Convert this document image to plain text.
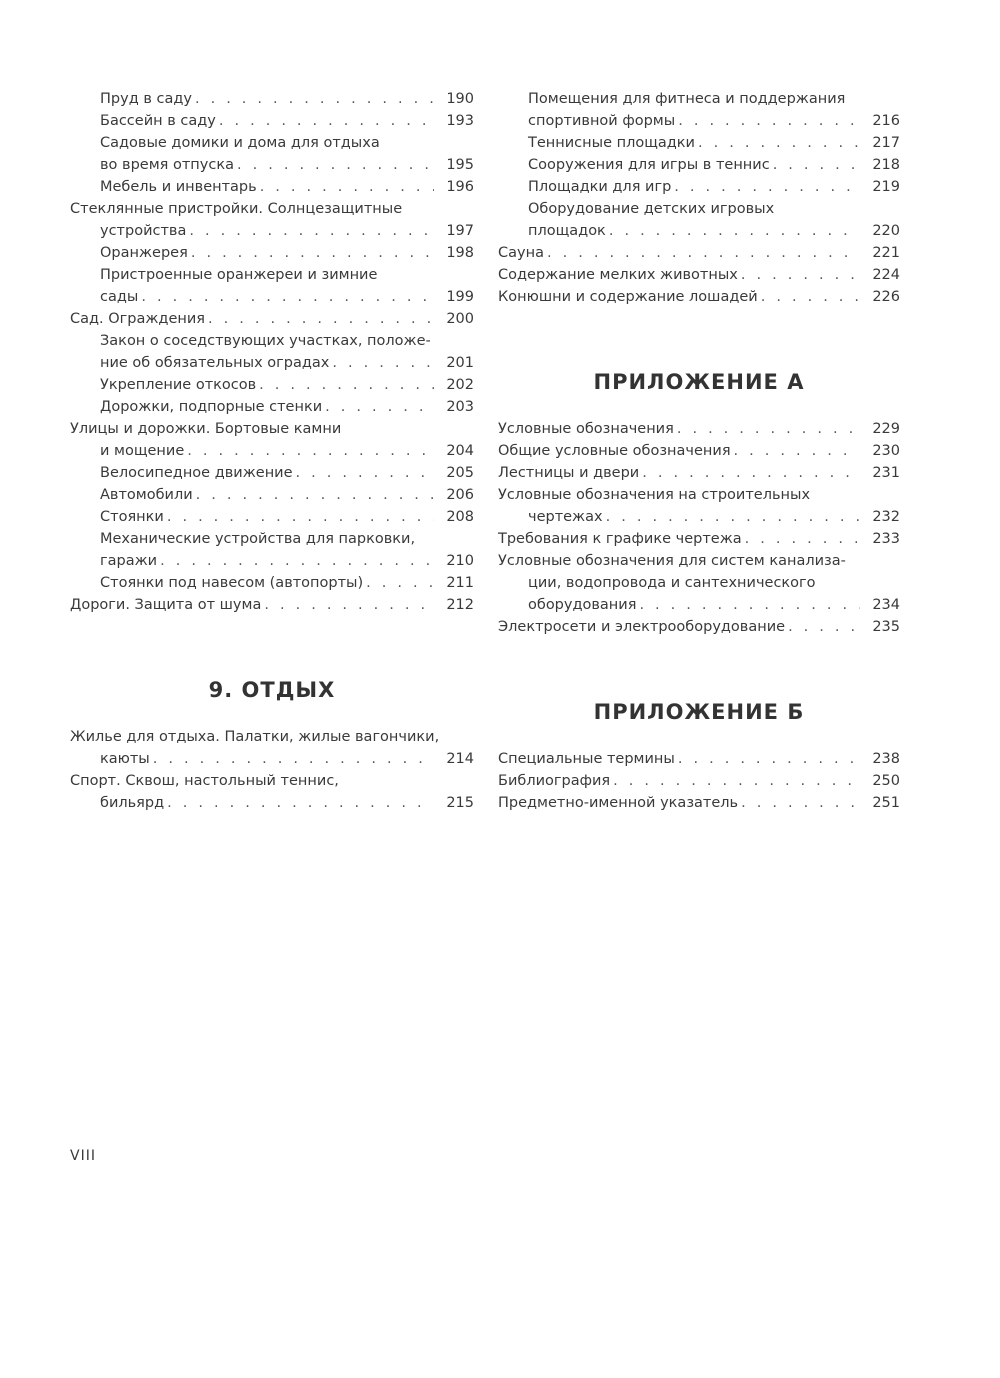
Пруд в саду . . .	190
Бассейн в саду . . .	193
Садовые домики и дома для отдыха
во время отпуска . . .	195
Мебель и инвентарь . . .	196
Стеклянные пристройки. Солнцезащитные
устройства . . .	197
Оранжерея . . .	198
Пристроенные оранжереи и зимние
сады . . .	199
Сад. Ограждения . . .	200
Закон о соседствующих участках, положе-
ние об обязательных оградах . . .	201
Укрепление откосов . . .	202
Дорожки, подпорные стенки . . .	203
Улицы и дорожки. Бортовые камни
и мощение . . .	204
Велосипедное движение . . .	205
Автомобили . . .	206
Стоянки . . .	208
Механические устройства для парковки,
гаражи . . .	210
Стоянки под навесом (автопорты) . . .	211
Дороги. Защита от шума . . .	212
9. ОТДЫХ
Жилье для отдыха. Палатки, жилые вагончики,
каюты . . .	214
Спорт. Сквош, настольный теннис,
бильярд . . .	215
Помещения для фитнеса и поддержания
спортивной формы . . .	216
Теннисные площадки . . .	217
Сооружения для игры в теннис . . .	218
Площадки для игр . . .	219
Оборудование детских игровых
площадок . . .	220
Сауна . . .	221
Содержание мелких животных . . .	224
Конюшни и содержание лошадей . . .	226
ПРИЛОЖЕНИЕ А
Условные обозначения . . .	229
Общие условные обозначения . . .	230
Лестницы и двери . . .	231
Условные обозначения на строительных
чертежах . . .	232
Требования к графике чертежа . . .	233
Условные обозначения для систем канализа-
ции, водопровода и сантехнического
оборудования . . .	234
Электросети и электрооборудование . . .	235
ПРИЛОЖЕНИЕ Б
Специальные термины . . .	238
Библиография . . .	250
Предметно-именной указатель . . .	251
VIII
